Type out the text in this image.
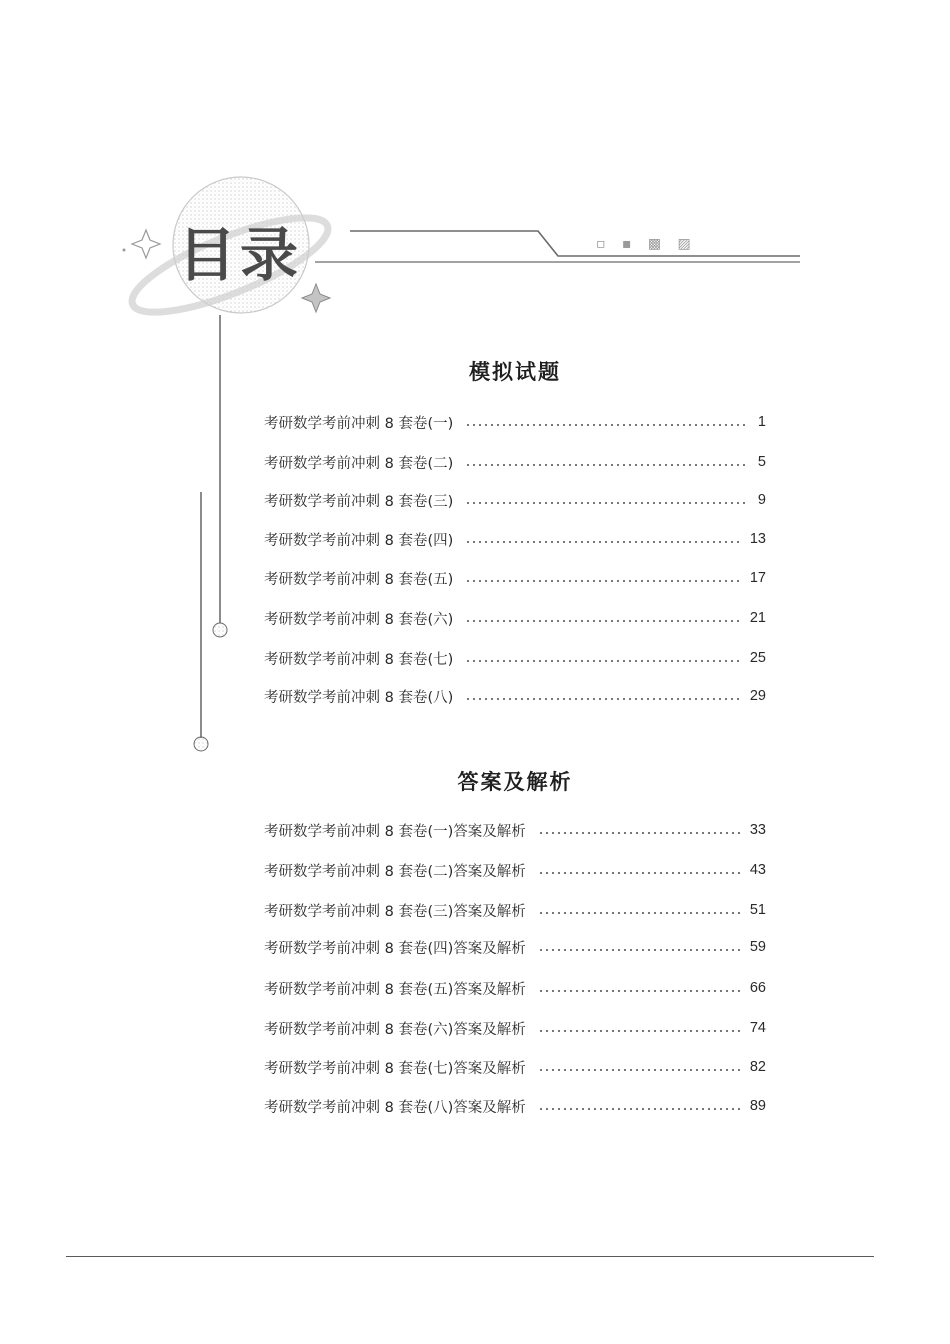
目录	▫ ▪ ▩ ▨
模拟试题
考研数学考前冲刺 8 套卷(一)	1
考研数学考前冲刺 8 套卷(二)	5
考研数学考前冲刺 8 套卷(三)	9
考研数学考前冲刺 8 套卷(四)	13
考研数学考前冲刺 8 套卷(五)	17
考研数学考前冲刺 8 套卷(六)	21
考研数学考前冲刺 8 套卷(七)	25
考研数学考前冲刺 8 套卷(八)	29
答案及解析
考研数学考前冲刺 8 套卷(一)答案及解析	33
考研数学考前冲刺 8 套卷(二)答案及解析	43
考研数学考前冲刺 8 套卷(三)答案及解析	51
考研数学考前冲刺 8 套卷(四)答案及解析	59
考研数学考前冲刺 8 套卷(五)答案及解析	66
考研数学考前冲刺 8 套卷(六)答案及解析	74
考研数学考前冲刺 8 套卷(七)答案及解析	82
考研数学考前冲刺 8 套卷(八)答案及解析	89
